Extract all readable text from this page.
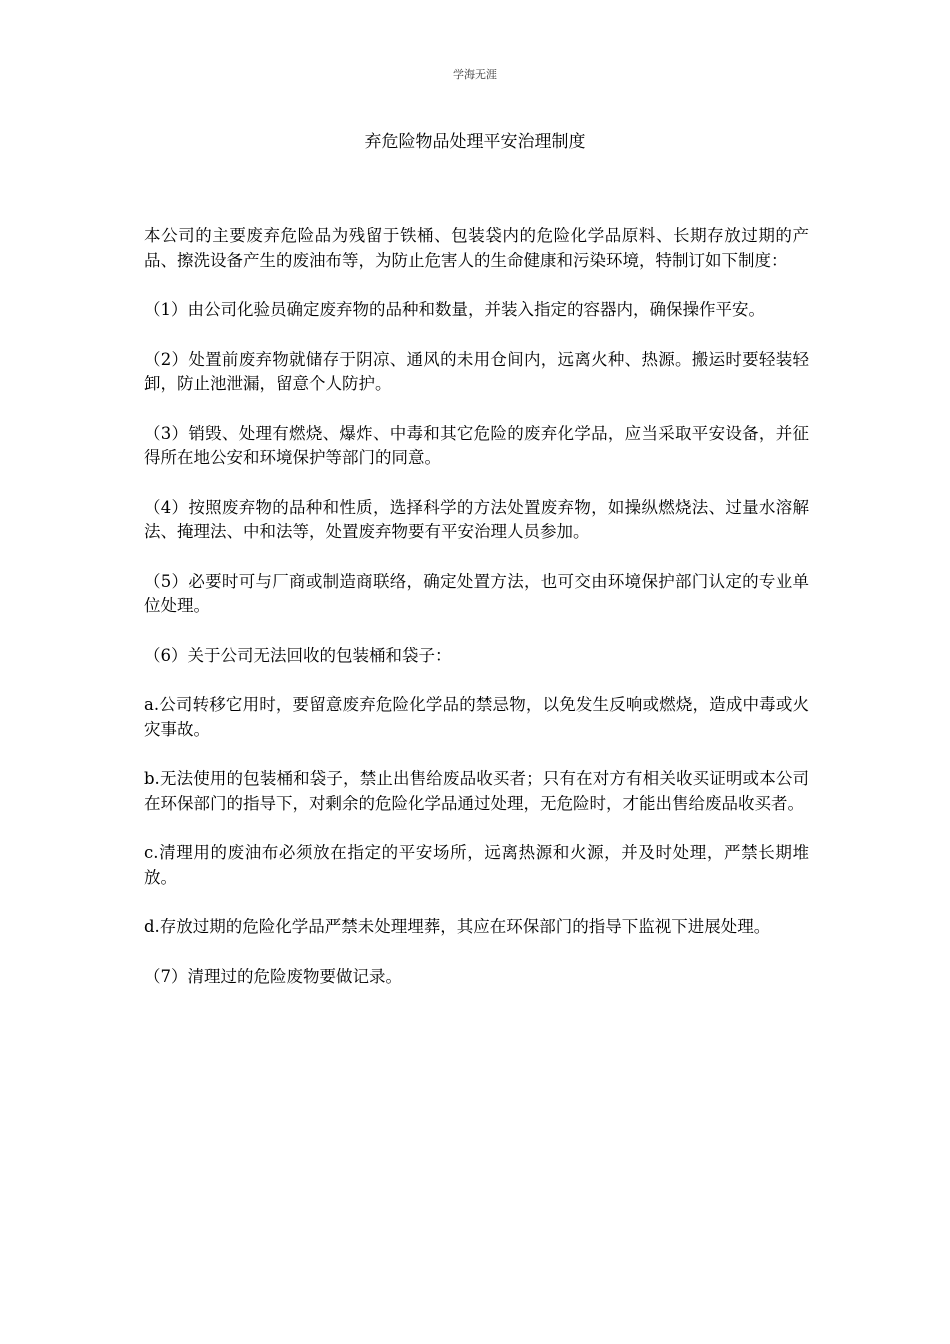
学海无涯
弃危险物品处理平安治理制度

本公司的主要废弃危险品为残留于铁桶、包装袋内的危险化学品原料、长期存放过期的产品、擦洗设备产生的废油布等，为防止危害人的生命健康和污染环境，特制订如下制度：

（1）由公司化验员确定废弃物的品种和数量，并装入指定的容器内，确保操作平安。

（2）处置前废弃物就储存于阴凉、通风的未用仓间内，远离火种、热源。搬运时要轻装轻卸，防止池泄漏，留意个人防护。

（3）销毁、处理有燃烧、爆炸、中毒和其它危险的废弃化学品，应当采取平安设备，并征得所在地公安和环境保护等部门的同意。

（4）按照废弃物的品种和性质，选择科学的方法处置废弃物，如操纵燃烧法、过量水溶解法、掩理法、中和法等，处置废弃物要有平安治理人员参加。

（5）必要时可与厂商或制造商联络，确定处置方法，也可交由环境保护部门认定的专业单位处理。

（6）关于公司无法回收的包装桶和袋子：

a.公司转移它用时，要留意废弃危险化学品的禁忌物，以免发生反响或燃烧，造成中毒或火灾事故。

b.无法使用的包装桶和袋子，禁止出售给废品收买者；只有在对方有相关收买证明或本公司在环保部门的指导下，对剩余的危险化学品通过处理，无危险时，才能出售给废品收买者。

c.清理用的废油布必须放在指定的平安场所，远离热源和火源，并及时处理，严禁长期堆放。

d.存放过期的危险化学品严禁未处理埋葬，其应在环保部门的指导下监视下进展处理。

（7）清理过的危险废物要做记录。
